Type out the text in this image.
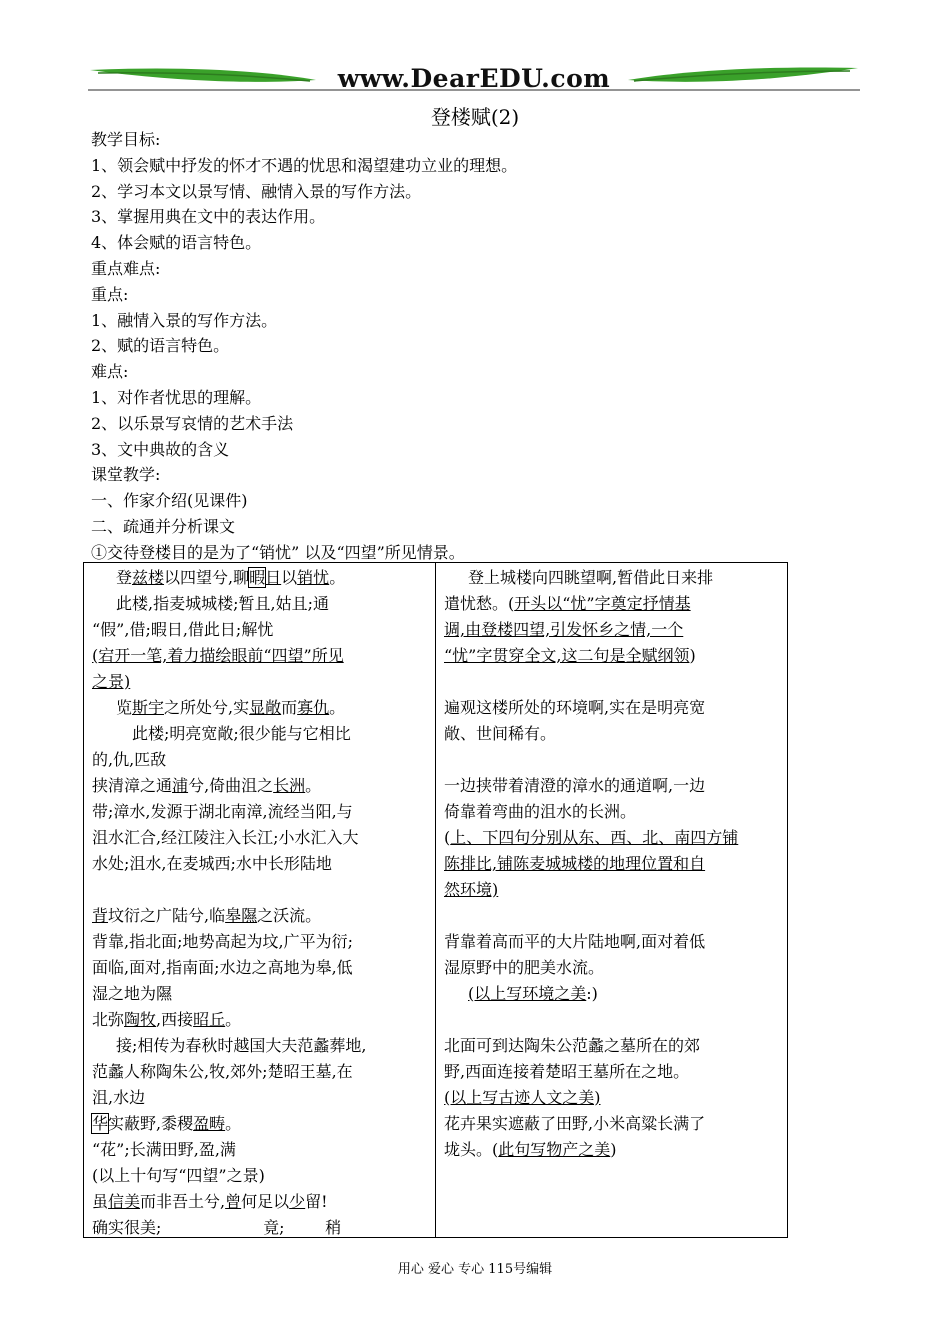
www.DearEDU.com
登楼赋(2)
教学目标:
1、领会赋中抒发的怀才不遇的忧思和渴望建功立业的理想。
2、学习本文以景写情、融情入景的写作方法。
3、掌握用典在文中的表达作用。
4、体会赋的语言特色。
重点难点:
重点:
1、融情入景的写作方法。
2、赋的语言特色。
难点:
1、对作者忧思的理解。
2、以乐景写哀情的艺术手法
3、文中典故的含义
课堂教学:
一、作家介绍(见课件)
二、疏通并分析课文
①交待登楼目的是为了“销忧” 以及“四望”所见情景。
登兹楼以四望兮,聊暇日以销忧。
此楼,指麦城城楼;暂且,姑且;通
“假”,借;暇日,借此日;解忧
(宕开一笔,着力描绘眼前“四望”所见
之景)
览斯宇之所处兮,实显敞而寡仇。
此楼;明亮宽敞;很少能与它相比
的,仇,匹敌
挟清漳之通浦兮,倚曲沮之长洲。
带;漳水,发源于湖北南漳,流经当阳,与
沮水汇合,经江陵注入长江;小水汇入大
水处;沮水,在麦城西;水中长形陆地
背坟衍之广陆兮,临皋隰之沃流。
背靠,指北面;地势高起为坟,广平为衍;
面临,面对,指南面;水边之高地为皋,低
湿之地为隰
北弥陶牧,西接昭丘。
接;相传为春秋时越国大夫范蠡葬地,
范蠡人称陶朱公,牧,郊外;楚昭王墓,在
沮,水边
华实蔽野,黍稷盈畴。
“花”;长满田野,盈,满
(以上十句写“四望”之景)
虽信美而非吾土兮,曾何足以少留!
确实很美;                    竟;        稍
登上城楼向四眺望啊,暂借此日来排
遣忧愁。(开头以“忧”字奠定抒情基
调,由登楼四望,引发怀乡之情,一个
“忧”字贯穿全文,这二句是全赋纲领)
遍观这楼所处的环境啊,实在是明亮宽
敞、世间稀有。
一边挟带着清澄的漳水的通道啊,一边
倚靠着弯曲的沮水的长洲。
(上、下四句分别从东、西、北、南四方铺
陈排比,铺陈麦城城楼的地理位置和自
然环境)
背靠着高而平的大片陆地啊,面对着低
湿原野中的肥美水流。
(以上写环境之美:)
北面可到达陶朱公范蠡之墓所在的郊
野,西面连接着楚昭王墓所在之地。
(以上写古迹人文之美)
花卉果实遮蔽了田野,小米高粱长满了
垅头。(此句写物产之美)
用心 爱心 专心 115号编辑
